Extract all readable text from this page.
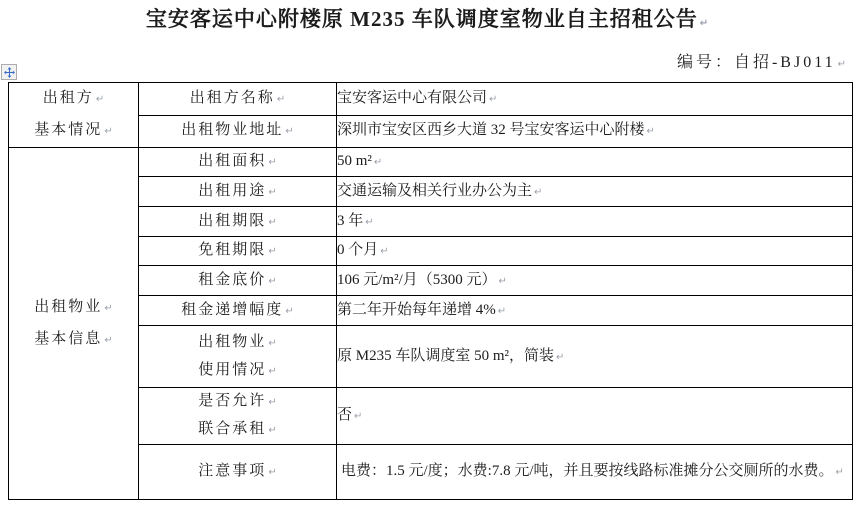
宝安客运中心附楼原 M235 车队调度室物业自主招租公告 ↵
编号：自招-BJ011 ↵
出租方 ↵
基本情况 ↵	出租方名称 ↵	宝安客运中心有限公司 ↵

	出租物业地址 ↵	深圳市宝安区西乡大道 32 号宝安客运中心附楼 ↵

出租物业 ↵
基本信息 ↵	出租面积 ↵	50 m² ↵

	出租用途 ↵	交通运输及相关行业办公为主 ↵

	出租期限 ↵	3 年 ↵

	免租期限 ↵	0 个月 ↵

	租金底价 ↵	106 元/m²/月（5300 元） ↵

	租金递增幅度 ↵	第二年开始每年递增 4% ↵

	出租物业 ↵
使用情况 ↵	原 M235 车队调度室 50 m²，简装 ↵

	是否允许 ↵
联合承租 ↵	否 ↵

	注意事项 ↵	电费：1.5 元/度；水费:7.8 元/吨，并且要按线路标准摊分公交厕所的水费。 ↵
